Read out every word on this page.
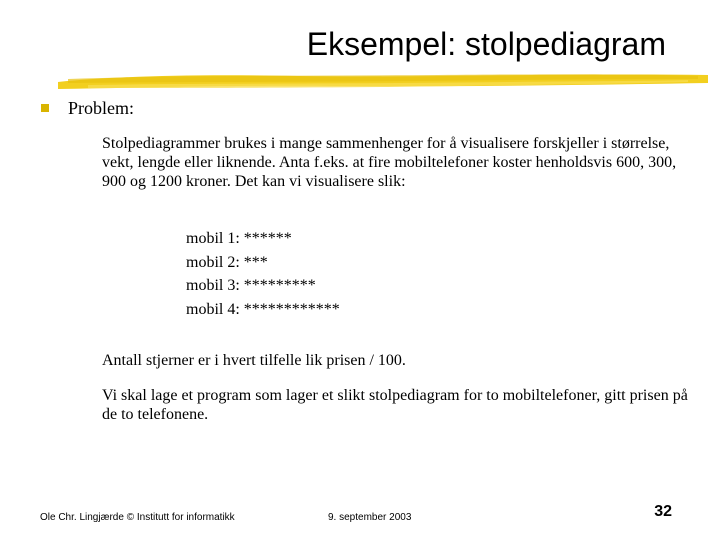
Eksempel: stolpediagram
Problem:
Stolpediagrammer brukes i mange sammenhenger for å visualisere forskjeller i størrelse, vekt, lengde eller liknende. Anta f.eks. at fire mobiltelefoner koster henholdsvis 600, 300, 900 og 1200 kroner. Det kan vi visualisere slik:
mobil 1: ******
mobil 2: ***
mobil 3: *********
mobil 4: ************
Antall stjerner er i hvert tilfelle lik prisen / 100.
Vi skal lage et program som lager et slikt stolpediagram for to mobiltelefoner, gitt prisen på de to telefonene.
Ole Chr. Lingjærde © Institutt for informatikk	9. september 2003	32
